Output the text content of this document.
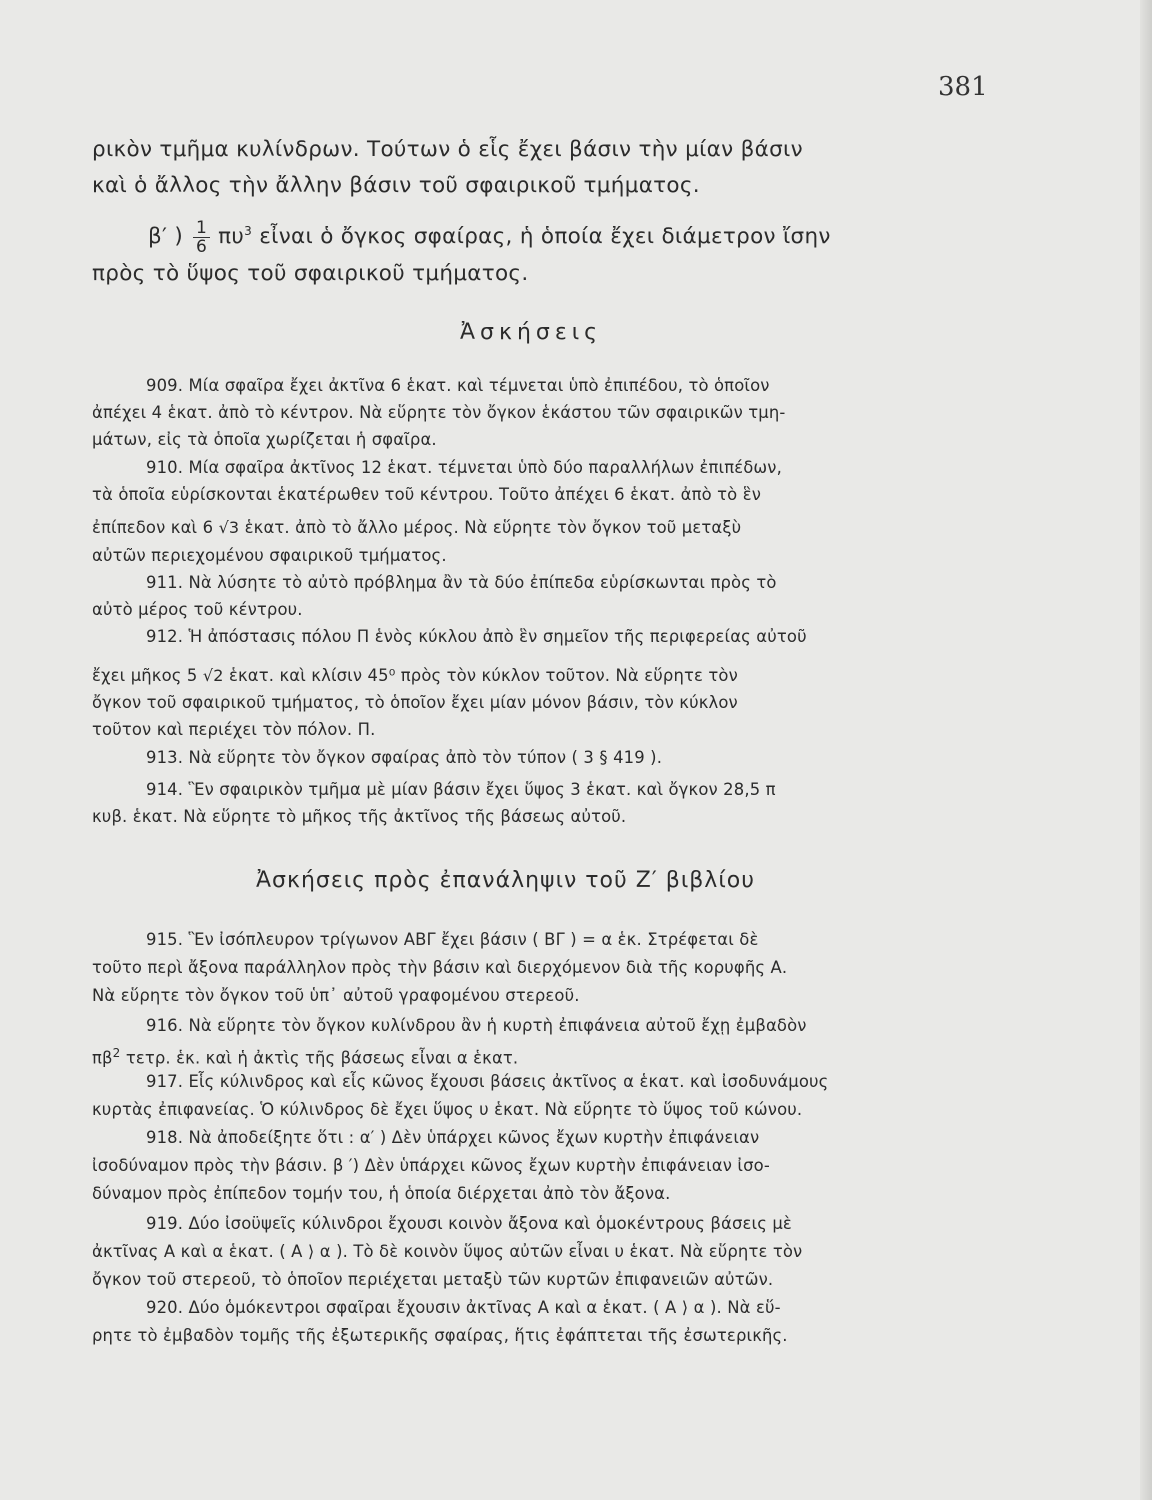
381
ρικὸν τμῆμα κυλίνδρων. Τούτων ὁ εἷς ἔχει βάσιν τὴν μίαν βάσιν
καὶ ὁ ἄλλος τὴν ἄλλην βάσιν τοῦ σφαιρικοῦ τμήματος.
β′ ) $\frac{1}{6} \pi\upsilon^3$ εἶναι ὁ ὄγκος σφαίρας, ἡ ὁποία ἔχει διάμετρον ἴσην
πρὸς τὸ ὕψος τοῦ σφαιρικοῦ τμήματος.
Ἀσκήσεις
909. Μία σφαῖρα ἔχει ἀκτῖνα 6 ἑκατ. καὶ τέμνεται ὑπὸ ἐπιπέδου, τὸ ὁποῖον
ἀπέχει 4 ἑκατ. ἀπὸ τὸ κέντρον. Νὰ εὕρητε τὸν ὄγκον ἑκάστου τῶν σφαιρικῶν τμη-
μάτων, εἰς τὰ ὁποῖα χωρίζεται ἡ σφαῖρα.
910. Μία σφαῖρα ἀκτῖνος 12 ἑκατ. τέμνεται ὑπὸ δύο παραλλήλων ἐπιπέδων,
τὰ ὁποῖα εὑρίσκονται ἑκατέρωθεν τοῦ κέντρου. Τοῦτο ἀπέχει 6 ἑκατ. ἀπὸ τὸ ἓν
ἐπίπεδον καὶ 6 √3 ἑκατ. ἀπὸ τὸ ἄλλο μέρος. Νὰ εὕρητε τὸν ὄγκον τοῦ μεταξὺ
αὐτῶν περιεχομένου σφαιρικοῦ τμήματος.
911. Νὰ λύσητε τὸ αὐτὸ πρόβλημα ἂν τὰ δύο ἐπίπεδα εὑρίσκωνται πρὸς τὸ
αὐτὸ μέρος τοῦ κέντρου.
912. Ἡ ἀπόστασις πόλου Π ἑνὸς κύκλου ἀπὸ ἓν σημεῖον τῆς περιφερείας αὐτοῦ
ἔχει μῆκος 5 √2 ἑκατ. καὶ κλίσιν 45⁰ πρὸς τὸν κύκλον τοῦτον. Νὰ εὕρητε τὸν
ὄγκον τοῦ σφαιρικοῦ τμήματος, τὸ ὁποῖον ἔχει μίαν μόνον βάσιν, τὸν κύκλον
τοῦτον καὶ περιέχει τὸν πόλον. Π.
913. Νὰ εὕρητε τὸν ὄγκον σφαίρας ἀπὸ τὸν τύπον ( 3 § 419 ).
914. Ἓν σφαιρικὸν τμῆμα μὲ μίαν βάσιν ἔχει ὕψος 3 ἑκατ. καὶ ὄγκον 28,5 π
κυβ. ἑκατ. Νὰ εὕρητε τὸ μῆκος τῆς ἀκτῖνος τῆς βάσεως αὐτοῦ.
Ἀσκήσεις πρὸς ἐπανάληψιν τοῦ Ζ′ βιβλίου
915. Ἓν ἰσόπλευρον τρίγωνον ΑΒΓ ἔχει βάσιν ( ΒΓ ) = α ἑκ. Στρέφεται δὲ
τοῦτο περὶ ἄξονα παράλληλον πρὸς τὴν βάσιν καὶ διερχόμενον διὰ τῆς κορυφῆς Α.
Νὰ εὕρητε τὸν ὄγκον τοῦ ὑπ᾽ αὐτοῦ γραφομένου στερεοῦ.
916. Νὰ εὕρητε τὸν ὄγκον κυλίνδρου ἂν ἡ κυρτὴ ἐπιφάνεια αὐτοῦ ἔχῃ ἐμβαδὸν
$\pi\beta^2$ τετρ. ἑκ. καὶ ἡ ἀκτὶς τῆς βάσεως εἶναι α ἑκατ.
917. Εἷς κύλινδρος καὶ εἷς κῶνος ἔχουσι βάσεις ἀκτῖνος α ἑκατ. καὶ ἰσοδυνάμους
κυρτὰς ἐπιφανείας. Ὁ κύλινδρος δὲ ἔχει ὕψος υ ἑκατ. Νὰ εὕρητε τὸ ὕψος τοῦ κώνου.
918. Νὰ ἀποδείξητε ὅτι : α′ ) Δὲν ὑπάρχει κῶνος ἔχων κυρτὴν ἐπιφάνειαν
ἰσοδύναμον πρὸς τὴν βάσιν. β ′) Δὲν ὑπάρχει κῶνος ἔχων κυρτὴν ἐπιφάνειαν ἰσο-
δύναμον πρὸς ἐπίπεδον τομήν του, ἡ ὁποία διέρχεται ἀπὸ τὸν ἄξονα.
919. Δύο ἰσοϋψεῖς κύλινδροι ἔχουσι κοινὸν ἄξονα καὶ ὁμοκέντρους βάσεις μὲ
ἀκτῖνας Α καὶ α ἑκατ. ( Α ⟩ α ). Τὸ δὲ κοινὸν ὕψος αὐτῶν εἶναι υ ἑκατ. Νὰ εὕρητε τὸν
ὄγκον τοῦ στερεοῦ, τὸ ὁποῖον περιέχεται μεταξὺ τῶν κυρτῶν ἐπιφανειῶν αὐτῶν.
920. Δύο ὁμόκεντροι σφαῖραι ἔχουσιν ἀκτῖνας Α καὶ α ἑκατ. ( Α ⟩ α ). Νὰ εὕ-
ρητε τὸ ἐμβαδὸν τομῆς τῆς ἐξωτερικῆς σφαίρας, ἥτις ἐφάπτεται τῆς ἐσωτερικῆς.
